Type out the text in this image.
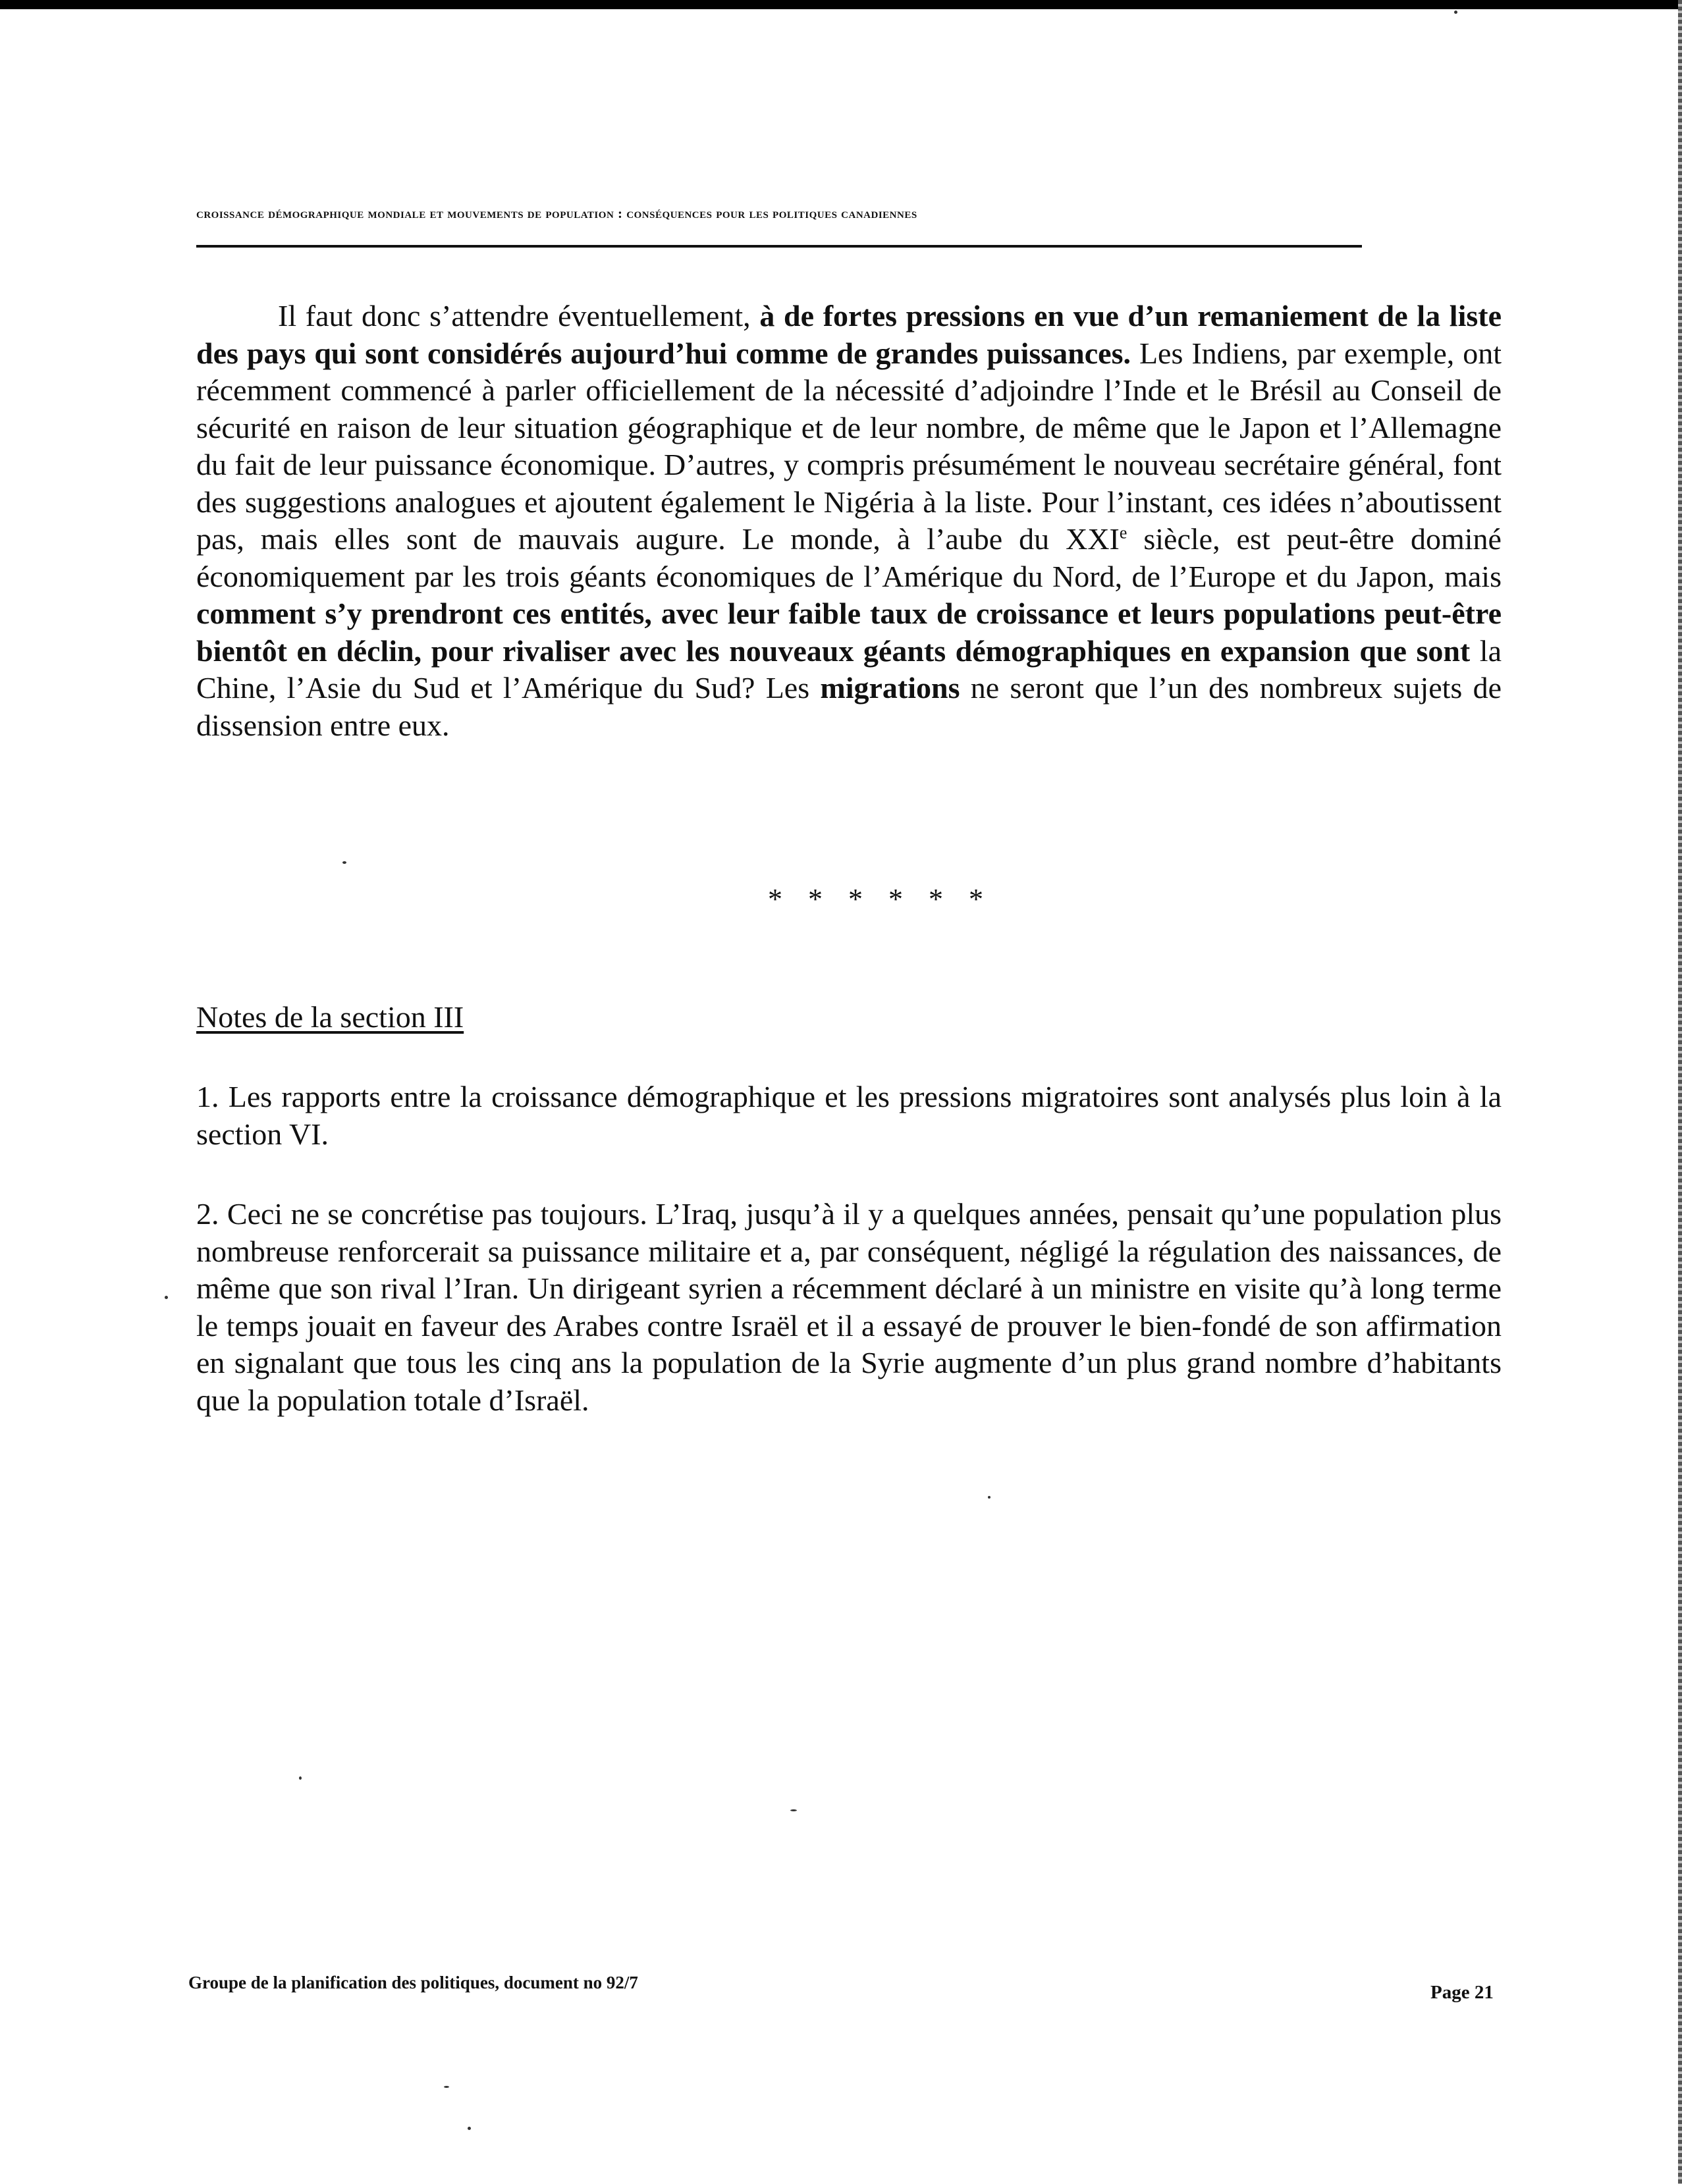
croissance démographique mondiale et mouvements de population : conséquences pour les politiques canadiennes

Il faut donc s’attendre éventuellement, à de fortes pressions en vue d’un remaniement de la liste des pays qui sont considérés aujourd’hui comme de grandes puissances. Les Indiens, par exemple, ont récemment commencé à parler officiellement de la nécessité d’adjoindre l’Inde et le Brésil au Conseil de sécurité en raison de leur situation géographique et de leur nombre, de même que le Japon et l’Allemagne du fait de leur puissance économique. D’autres, y compris présumément le nouveau secrétaire général, font des suggestions analogues et ajoutent également le Nigéria à la liste. Pour l’instant, ces idées n’aboutissent pas, mais elles sont de mauvais augure. Le monde, à l’aube du XXIe siècle, est peut-être dominé économiquement par les trois géants économiques de l’Amérique du Nord, de l’Europe et du Japon, mais comment s’y prendront ces entités, avec leur faible taux de croissance et leurs populations peut-être bientôt en déclin, pour rivaliser avec les nouveaux géants démographiques en expansion que sont la Chine, l’Asie du Sud et l’Amérique du Sud? Les migrations ne seront que l’un des nombreux sujets de dissension entre eux.

* * * * * *
Notes de la section III

1. Les rapports entre la croissance démographique et les pressions migratoires sont analysés plus loin à la section VI.

2. Ceci ne se concrétise pas toujours. L’Iraq, jusqu’à il y a quelques années, pensait qu’une population plus nombreuse renforcerait sa puissance militaire et a, par conséquent, négligé la régulation des naissances, de même que son rival l’Iran. Un dirigeant syrien a récemment déclaré à un ministre en visite qu’à long terme le temps jouait en faveur des Arabes contre Israël et il a essayé de prouver le bien-fondé de son affirmation en signalant que tous les cinq ans la population de la Syrie augmente d’un plus grand nombre d’habitants que la population totale d’Israël.

Groupe de la planification des politiques, document no 92/7	Page 21
